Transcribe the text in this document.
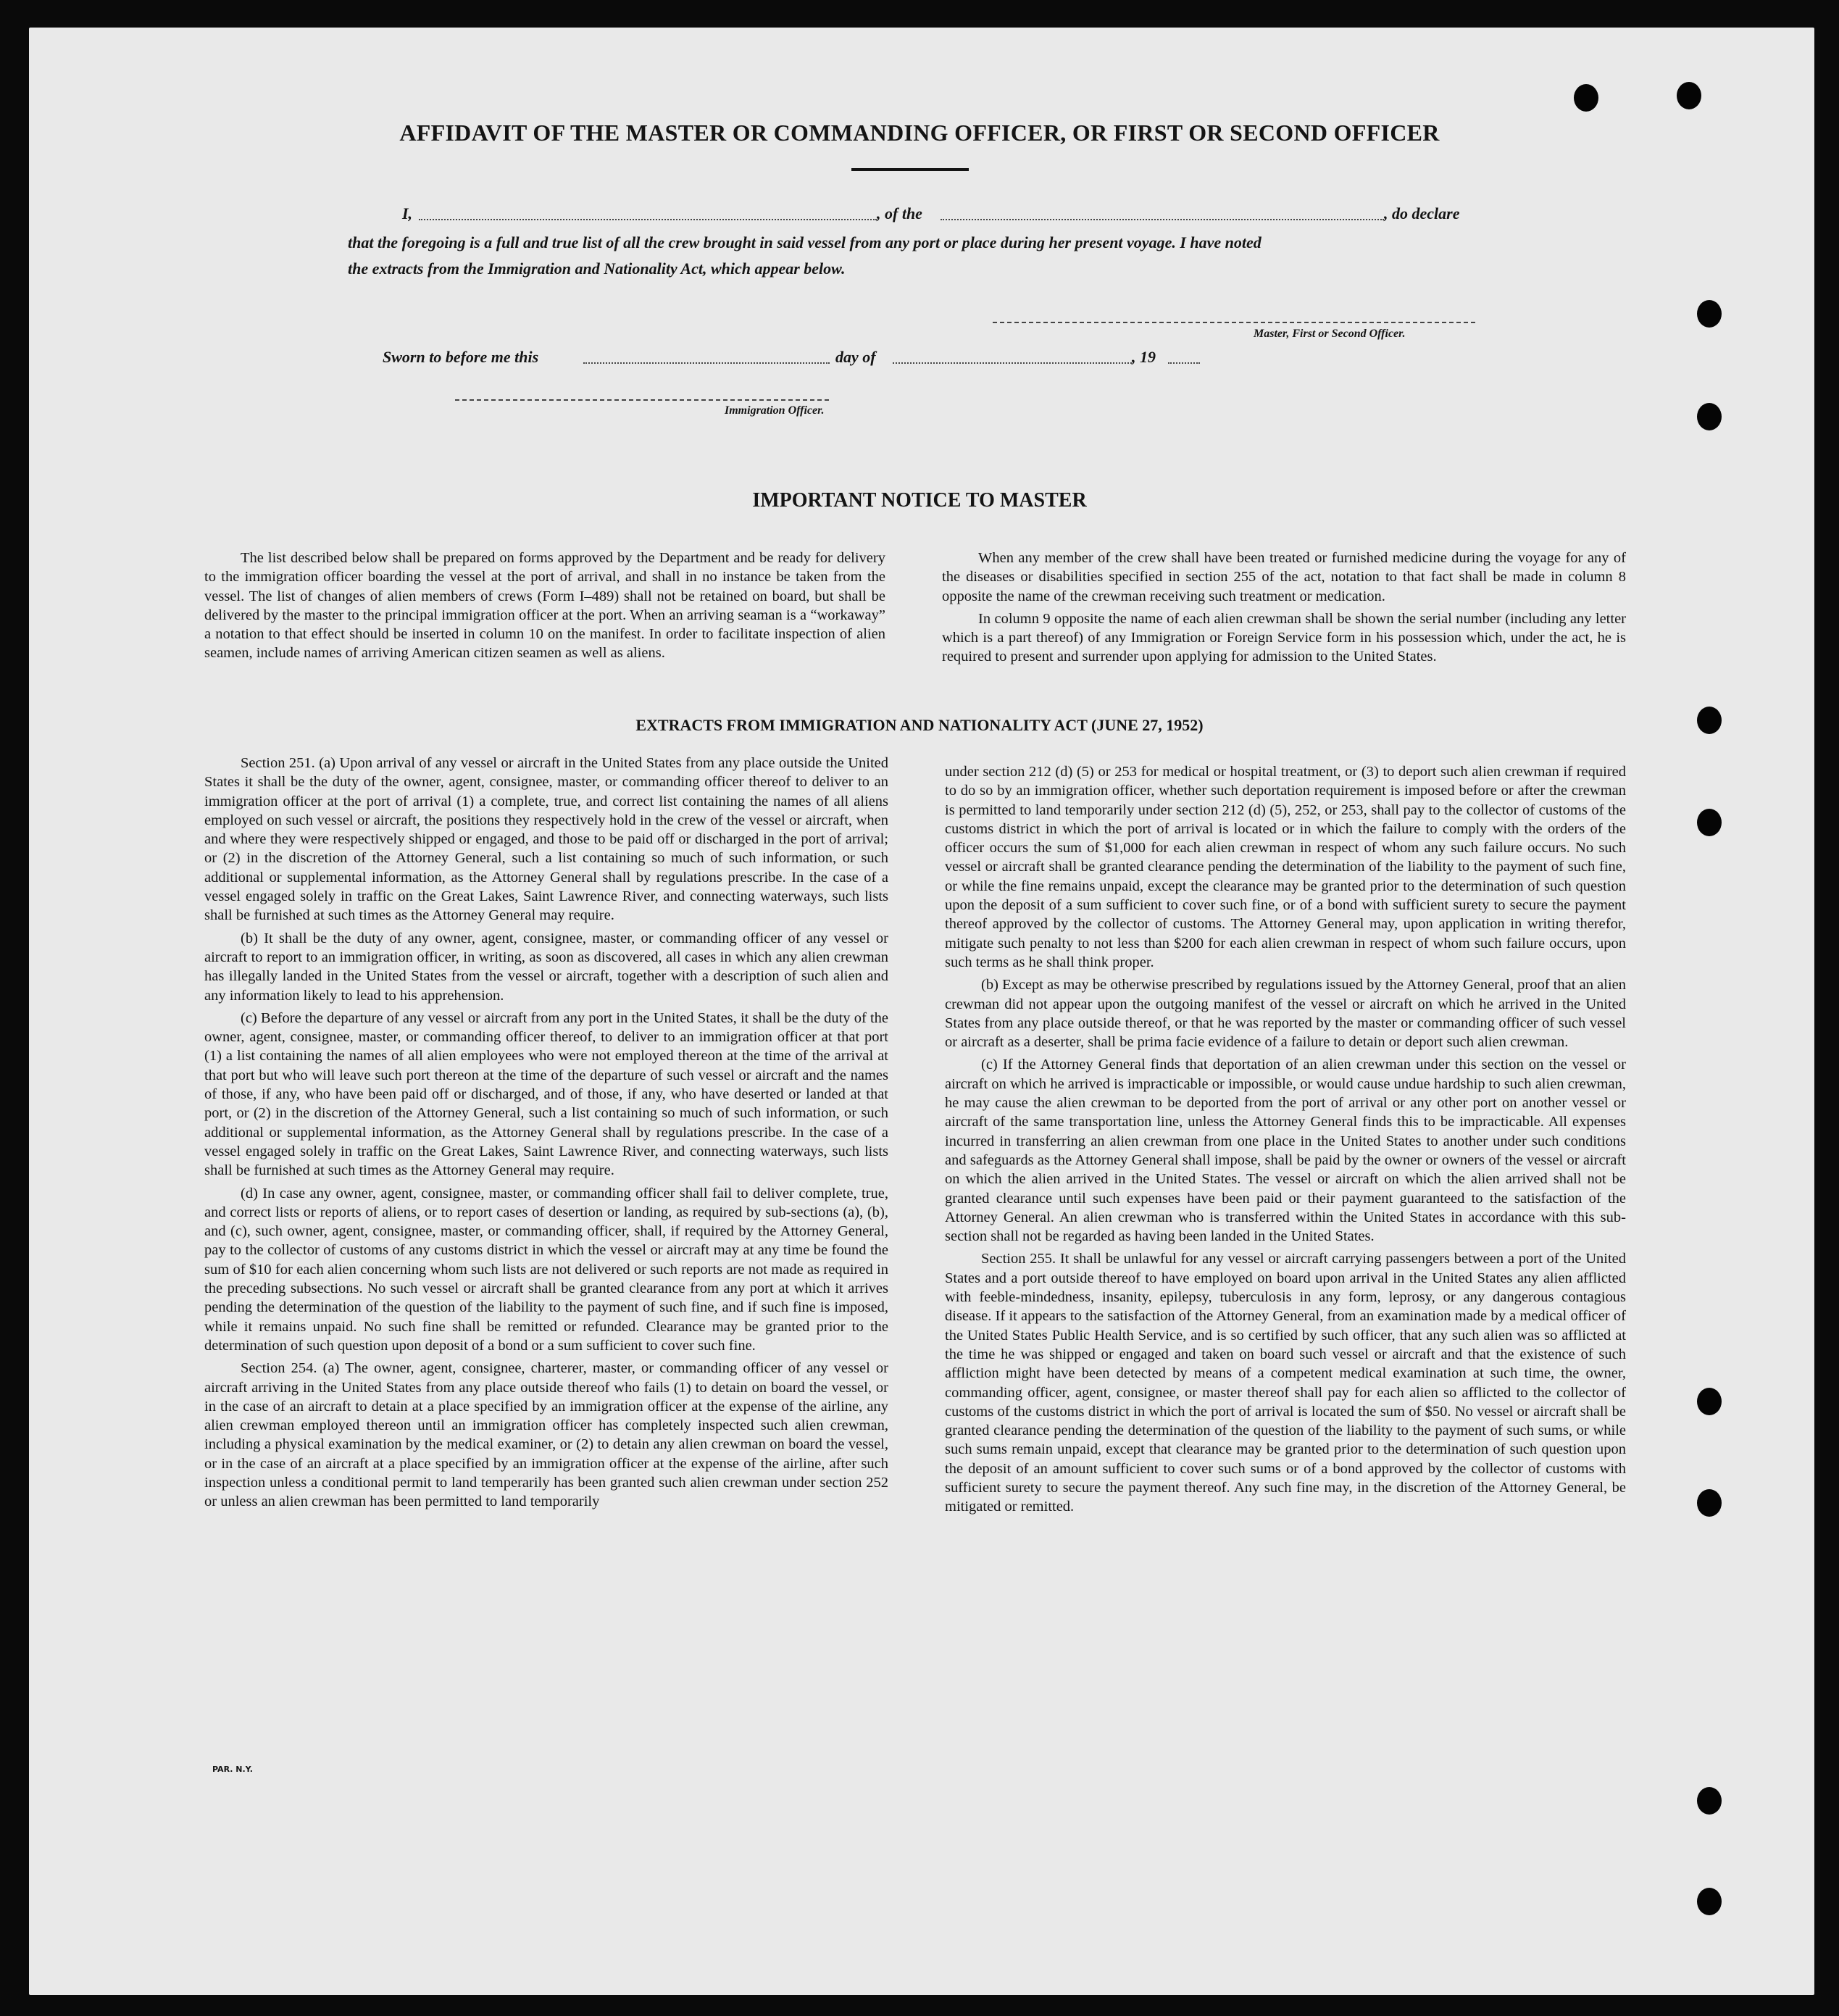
AFFIDAVIT OF THE MASTER OR COMMANDING OFFICER, OR FIRST OR SECOND OFFICER
I,	, of the	, do declare
that the foregoing is a full and true list of all the crew brought in said vessel from any port or place during her present voyage. I have noted
the extracts from the Immigration and Nationality Act, which appear below.
Master, First or Second Officer.
Sworn to before me this	day of	, 19
Immigration Officer.
IMPORTANT NOTICE TO MASTER

The list described below shall be prepared on forms approved by the Department and be ready for delivery to the immigration officer boarding the vessel at the port of arrival, and shall in no instance be taken from the vessel. The list of changes of alien members of crews (Form I–489) shall not be retained on board, but shall be delivered by the master to the principal immigration officer at the port. When an arriving seaman is a “workaway” a notation to that effect should be inserted in column 10 on the manifest. In order to facilitate inspection of alien seamen, include names of arriving American citizen seamen as well as aliens.

When any member of the crew shall have been treated or furnished medicine during the voyage for any of the diseases or disabilities specified in section 255 of the act, notation to that fact shall be made in column 8 opposite the name of the crewman receiving such treatment or medication.

In column 9 opposite the name of each alien crewman shall be shown the serial number (including any letter which is a part thereof) of any Immigration or Foreign Service form in his possession which, under the act, he is required to present and surrender upon applying for admission to the United States.

EXTRACTS FROM IMMIGRATION AND NATIONALITY ACT (JUNE 27, 1952)

Section 251. (a) Upon arrival of any vessel or aircraft in the United States from any place outside the United States it shall be the duty of the owner, agent, consignee, master, or commanding officer thereof to deliver to an immigration officer at the port of arrival (1) a complete, true, and correct list containing the names of all aliens employed on such vessel or aircraft, the positions they respectively hold in the crew of the vessel or aircraft, when and where they were respectively shipped or engaged, and those to be paid off or discharged in the port of arrival; or (2) in the discretion of the Attorney General, such a list containing so much of such information, or such additional or supplemental information, as the Attorney General shall by regulations prescribe. In the case of a vessel engaged solely in traffic on the Great Lakes, Saint Lawrence River, and connecting waterways, such lists shall be furnished at such times as the Attorney General may require.

(b) It shall be the duty of any owner, agent, consignee, master, or commanding officer of any vessel or aircraft to report to an immigration officer, in writing, as soon as discovered, all cases in which any alien crewman has illegally landed in the United States from the vessel or aircraft, together with a description of such alien and any information likely to lead to his apprehension.

(c) Before the departure of any vessel or aircraft from any port in the United States, it shall be the duty of the owner, agent, consignee, master, or commanding officer thereof, to deliver to an immigration officer at that port (1) a list containing the names of all alien employees who were not employed thereon at the time of the arrival at that port but who will leave such port thereon at the time of the departure of such vessel or aircraft and the names of those, if any, who have been paid off or discharged, and of those, if any, who have deserted or landed at that port, or (2) in the discretion of the Attorney General, such a list containing so much of such information, or such additional or supplemental information, as the Attorney General shall by regulations prescribe. In the case of a vessel engaged solely in traffic on the Great Lakes, Saint Lawrence River, and connecting waterways, such lists shall be furnished at such times as the Attorney General may require.

(d) In case any owner, agent, consignee, master, or commanding officer shall fail to deliver complete, true, and correct lists or reports of aliens, or to report cases of desertion or landing, as required by sub-sections (a), (b), and (c), such owner, agent, consignee, master, or commanding officer, shall, if required by the Attorney General, pay to the collector of customs of any customs district in which the vessel or aircraft may at any time be found the sum of $10 for each alien concerning whom such lists are not delivered or such reports are not made as required in the preceding subsections. No such vessel or aircraft shall be granted clearance from any port at which it arrives pending the determination of the question of the liability to the payment of such fine, and if such fine is imposed, while it remains unpaid. No such fine shall be remitted or refunded. Clearance may be granted prior to the determination of such question upon deposit of a bond or a sum sufficient to cover such fine.

Section 254. (a) The owner, agent, consignee, charterer, master, or commanding officer of any vessel or aircraft arriving in the United States from any place outside thereof who fails (1) to detain on board the vessel, or in the case of an aircraft to detain at a place specified by an immigration officer at the expense of the airline, any alien crewman employed thereon until an immigration officer has completely inspected such alien crewman, including a physical examination by the medical examiner, or (2) to detain any alien crewman on board the vessel, or in the case of an aircraft at a place specified by an immigration officer at the expense of the airline, after such inspection unless a conditional permit to land temperarily has been granted such alien crewman under section 252 or unless an alien crewman has been permitted to land temporarily

under section 212 (d) (5) or 253 for medical or hospital treatment, or (3) to deport such alien crewman if required to do so by an immigration officer, whether such deportation requirement is imposed before or after the crewman is permitted to land temporarily under section 212 (d) (5), 252, or 253, shall pay to the collector of customs of the customs district in which the port of arrival is located or in which the failure to comply with the orders of the officer occurs the sum of $1,000 for each alien crewman in respect of whom any such failure occurs. No such vessel or aircraft shall be granted clearance pending the determination of the liability to the payment of such fine, or while the fine remains unpaid, except the clearance may be granted prior to the determination of such question upon the deposit of a sum sufficient to cover such fine, or of a bond with sufficient surety to secure the payment thereof approved by the collector of customs. The Attorney General may, upon application in writing therefor, mitigate such penalty to not less than $200 for each alien crewman in respect of whom such failure occurs, upon such terms as he shall think proper.

(b) Except as may be otherwise prescribed by regulations issued by the Attorney General, proof that an alien crewman did not appear upon the outgoing manifest of the vessel or aircraft on which he arrived in the United States from any place outside thereof, or that he was reported by the master or commanding officer of such vessel or aircraft as a deserter, shall be prima facie evidence of a failure to detain or deport such alien crewman.

(c) If the Attorney General finds that deportation of an alien crewman under this section on the vessel or aircraft on which he arrived is impracticable or impossible, or would cause undue hardship to such alien crewman, he may cause the alien crewman to be deported from the port of arrival or any other port on another vessel or aircraft of the same transportation line, unless the Attorney General finds this to be impracticable. All expenses incurred in transferring an alien crewman from one place in the United States to another under such conditions and safeguards as the Attorney General shall impose, shall be paid by the owner or owners of the vessel or aircraft on which the alien arrived in the United States. The vessel or aircraft on which the alien arrived shall not be granted clearance until such expenses have been paid or their payment guaranteed to the satisfaction of the Attorney General. An alien crewman who is transferred within the United States in accordance with this sub-section shall not be regarded as having been landed in the United States.

Section 255. It shall be unlawful for any vessel or aircraft carrying passengers between a port of the United States and a port outside thereof to have employed on board upon arrival in the United States any alien afflicted with feeble-mindedness, insanity, epilepsy, tuberculosis in any form, leprosy, or any dangerous contagious disease. If it appears to the satisfaction of the Attorney General, from an examination made by a medical officer of the United States Public Health Service, and is so certified by such officer, that any such alien was so afflicted at the time he was shipped or engaged and taken on board such vessel or aircraft and that the existence of such affliction might have been detected by means of a competent medical examination at such time, the owner, commanding officer, agent, consignee, or master thereof shall pay for each alien so afflicted to the collector of customs of the customs district in which the port of arrival is located the sum of $50. No vessel or aircraft shall be granted clearance pending the determination of the question of the liability to the payment of such sums, or while such sums remain unpaid, except that clearance may be granted prior to the determination of such question upon the deposit of an amount sufficient to cover such sums or of a bond approved by the collector of customs with sufficient surety to secure the payment thereof. Any such fine may, in the discretion of the Attorney General, be mitigated or remitted.

PAR. N.Y.
